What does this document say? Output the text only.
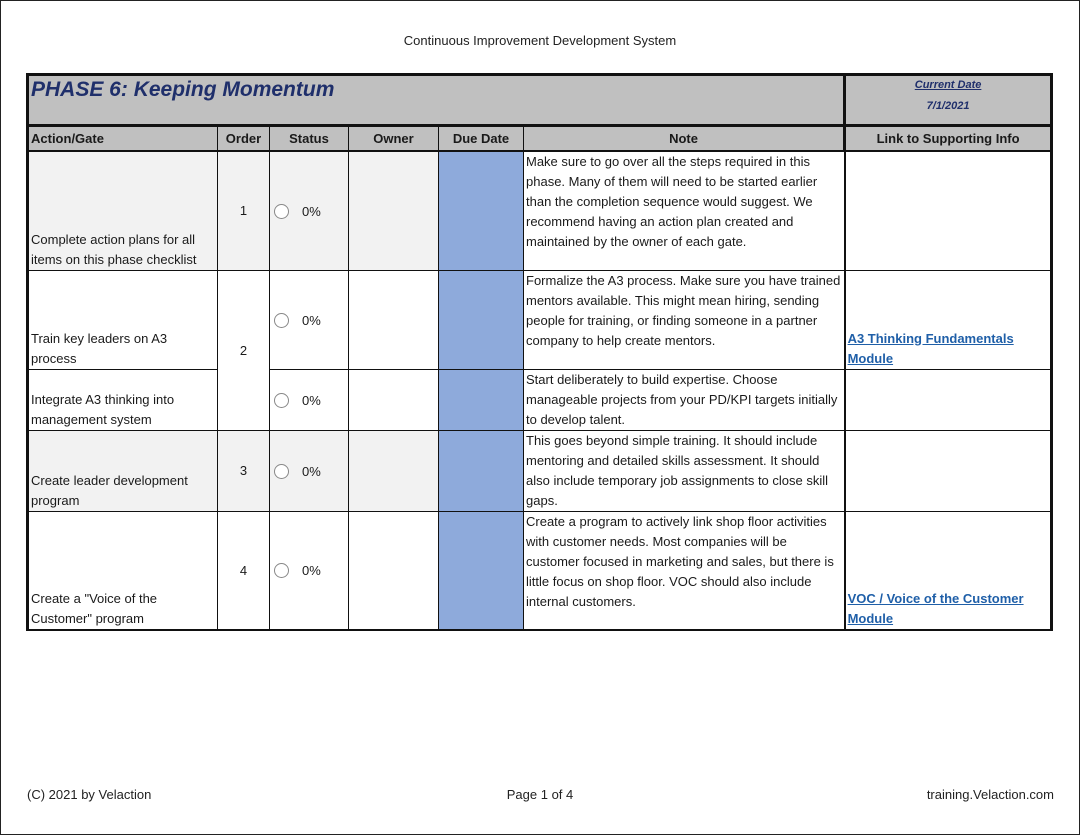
Continuous Improvement Development System
PHASE 6: Keeping Momentum						Current Date
7/1/2021

Action/Gate	Order	Status	Owner	Due Date	Note	Link to Supporting Info
Complete action plans for all items on this phase checklist	1	0%			Make sure to go over all the steps required in this phase. Many of them will need to be started earlier than the completion sequence would suggest. We recommend having an action plan created and maintained by the owner of each gate.	

Train key leaders on A3 process	2	0%			Formalize the A3 process. Make sure you have trained mentors available. This might mean hiring, sending people for training, or finding someone in a partner company to help create mentors.	A3 Thinking Fundamentals Module

Integrate A3 thinking into management system		0%			Start deliberately to build expertise. Choose manageable projects from your PD/KPI targets initially to develop talent.	

Create leader development program	3	0%			This goes beyond simple training. It should include mentoring and detailed skills assessment. It should also include temporary job assignments to close skill gaps.	

Create a "Voice of the Customer" program	4	0%			Create a program to actively link shop floor activities with customer needs. Most companies will be customer focused in marketing and sales, but there is little focus on shop floor. VOC should also include internal customers.	VOC / Voice of the Customer Module
(C) 2021 by Velaction	Page 1 of 4	training.Velaction.com
